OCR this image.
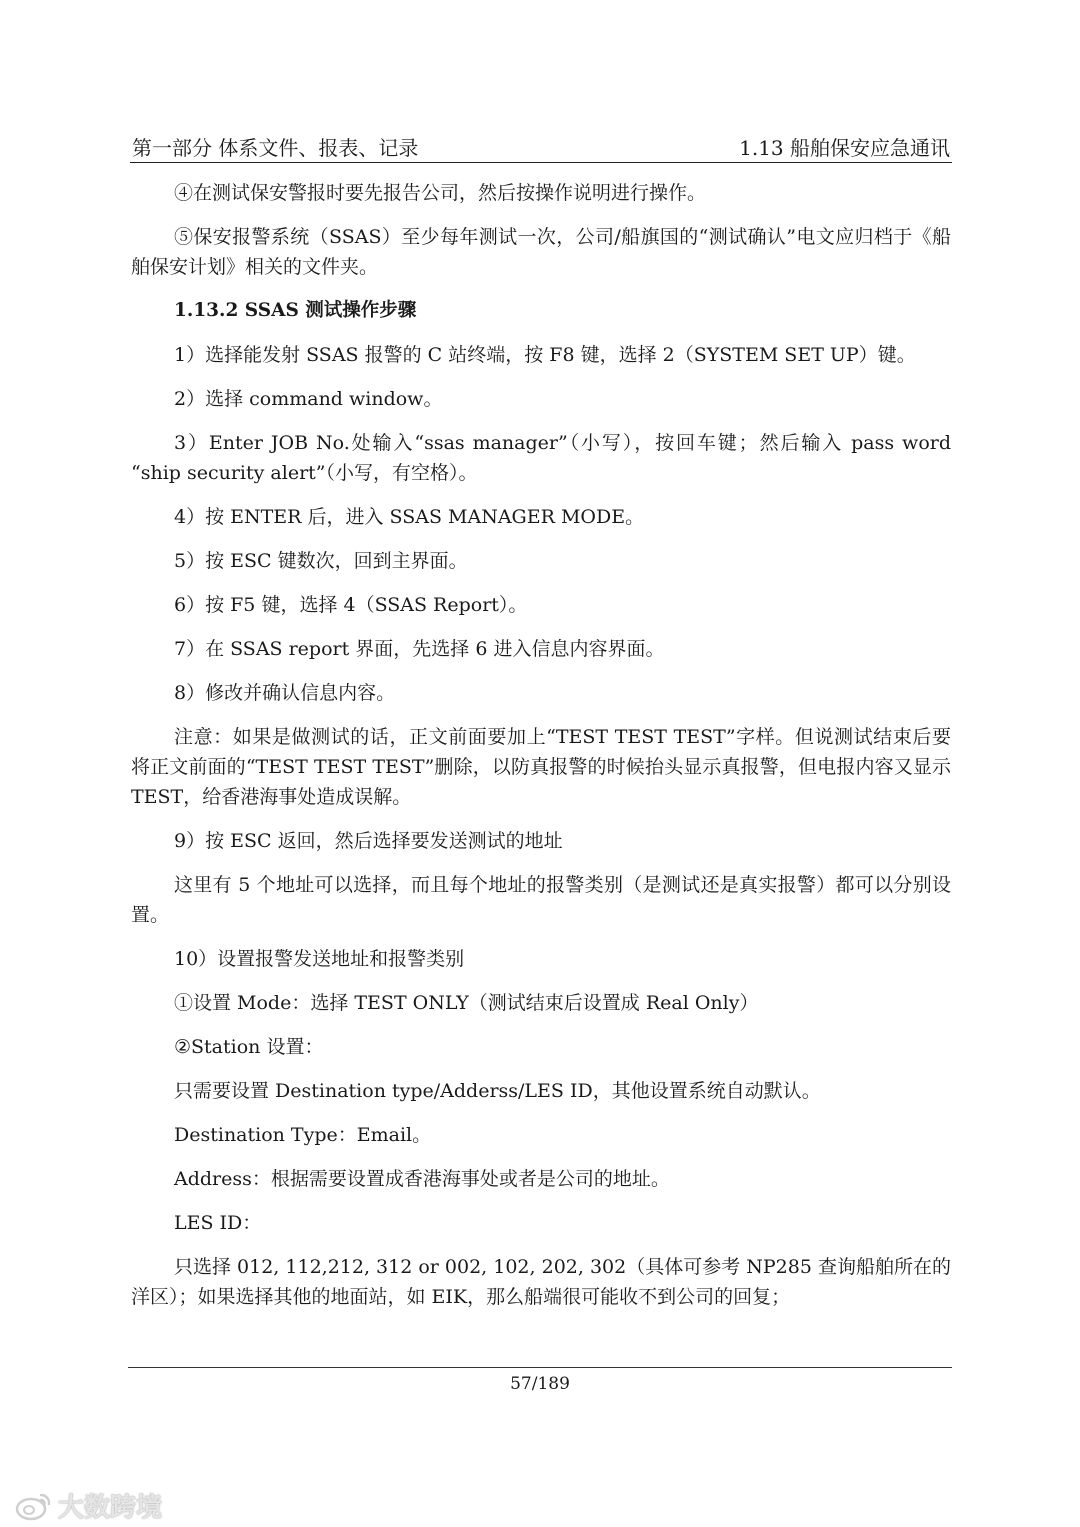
第一部分 体系文件、报表、记录	1.13 船舶保安应急通讯

④在测试保安警报时要先报告公司，然后按操作说明进行操作。

⑤保安报警系统（SSAS）至少每年测试一次，公司/船旗国的“测试确认”电文应归档于《船舶保安计划》相关的文件夹。

1.13.2 SSAS 测试操作步骤

1）选择能发射 SSAS 报警的 C 站终端，按 F8 键，选择 2（SYSTEM SET UP）键。

2）选择 command window。

3）Enter JOB No.处输入“ssas manager”（小写），按回车键；然后输入 pass word “ship security alert”（小写，有空格）。

4）按 ENTER 后，进入 SSAS MANAGER MODE。

5）按 ESC 键数次，回到主界面。

6）按 F5 键，选择 4（SSAS Report）。

7）在 SSAS report 界面，先选择 6 进入信息内容界面。

8）修改并确认信息内容。

注意：如果是做测试的话，正文前面要加上“TEST TEST TEST”字样。但说测试结束后要将正文前面的“TEST TEST TEST”删除，以防真报警的时候抬头显示真报警，但电报内容又显示 TEST，给香港海事处造成误解。

9）按 ESC 返回，然后选择要发送测试的地址

这里有 5 个地址可以选择，而且每个地址的报警类别（是测试还是真实报警）都可以分别设置。

10）设置报警发送地址和报警类别

①设置 Mode：选择 TEST ONLY（测试结束后设置成 Real Only）

②Station 设置：

只需要设置 Destination type/Adderss/LES ID，其他设置系统自动默认。

Destination Type：Email。

Address：根据需要设置成香港海事处或者是公司的地址。

LES ID：

只选择 012, 112,212, 312 or 002, 102, 202, 302（具体可参考 NP285 查询船舶所在的洋区）；如果选择其他的地面站，如 EIK，那么船端很可能收不到公司的回复；

57/189
大数跨境
